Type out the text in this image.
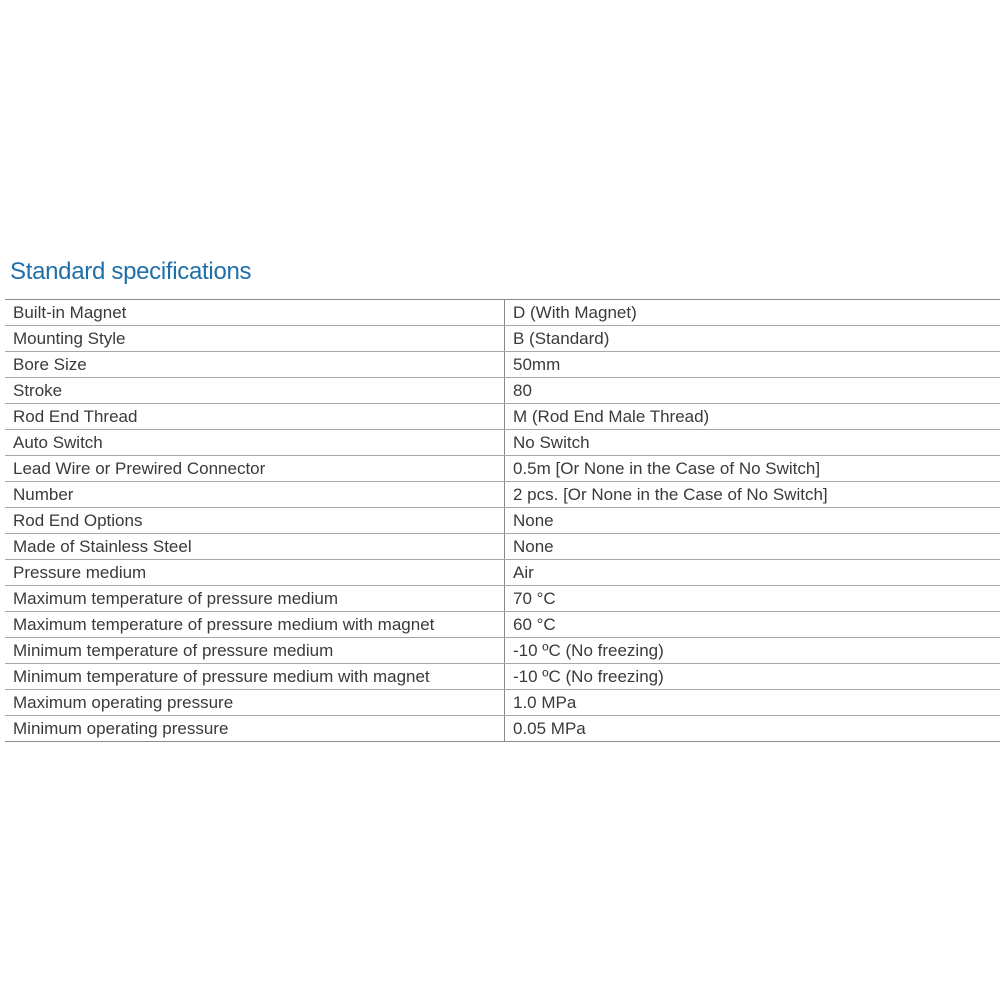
Standard specifications
Built-in Magnet	D (With Magnet)
Mounting Style	B (Standard)
Bore Size	50mm
Stroke	80
Rod End Thread	M (Rod End Male Thread)
Auto Switch	No Switch
Lead Wire or Prewired Connector	0.5m [Or None in the Case of No Switch]
Number	2 pcs. [Or None in the Case of No Switch]
Rod End Options	None
Made of Stainless Steel	None
Pressure medium	Air
Maximum temperature of pressure medium	70 °C
Maximum temperature of pressure medium with magnet	60 °C
Minimum temperature of pressure medium	-10 ºC (No freezing)
Minimum temperature of pressure medium with magnet	-10 ºC (No freezing)
Maximum operating pressure	1.0 MPa
Minimum operating pressure	0.05 MPa
